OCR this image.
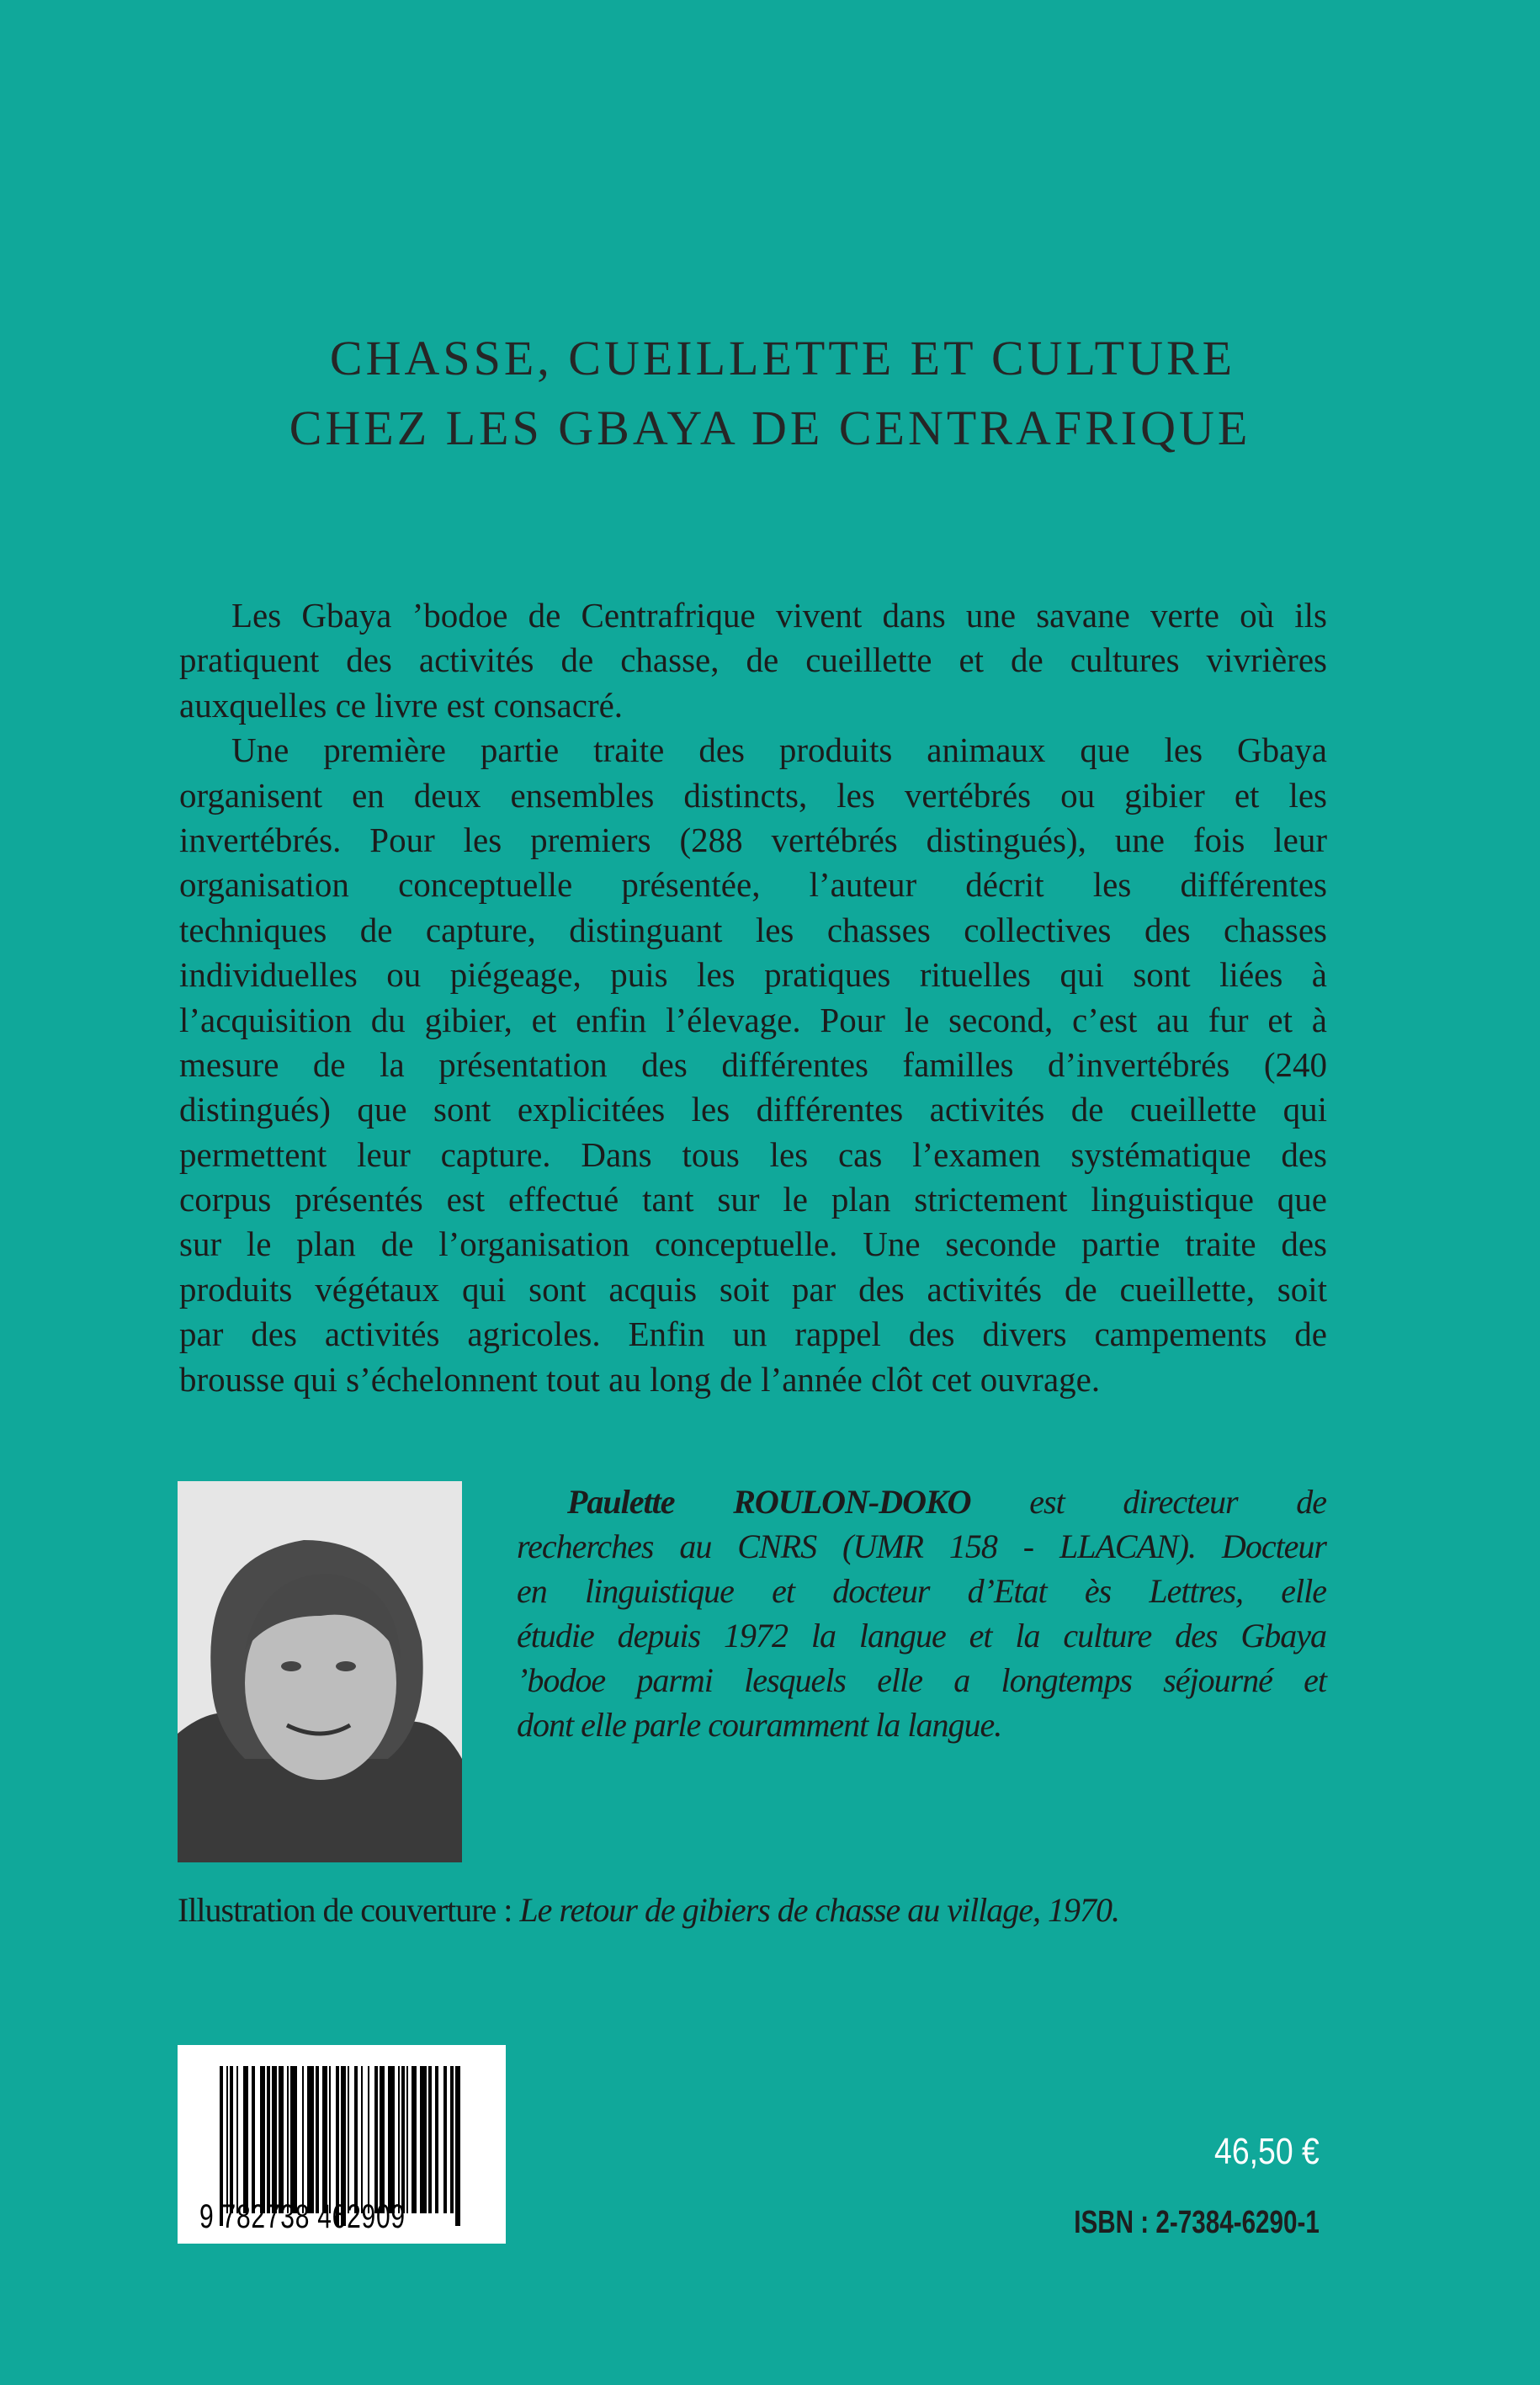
CHASSE, CUEILLETTE ET CULTURE
CHEZ LES GBAYA DE CENTRAFRIQUE
Les Gbaya ’bodoe de Centrafrique vivent dans une savane verte où ils
pratiquent des activités de chasse, de cueillette et de cultures vivrières
auxquelles ce livre est consacré.
Une première partie traite des produits animaux que les Gbaya
organisent en deux ensembles distincts, les vertébrés ou gibier et les
invertébrés. Pour les premiers (288 vertébrés distingués), une fois leur
organisation conceptuelle présentée, l’auteur décrit les différentes
techniques de capture, distinguant les chasses collectives des chasses
individuelles ou piégeage, puis les pratiques rituelles qui sont liées à
l’acquisition du gibier, et enfin l’élevage. Pour le second, c’est au fur et à
mesure de la présentation des différentes familles d’invertébrés (240
distingués) que sont explicitées les différentes activités de cueillette qui
permettent leur capture. Dans tous les cas l’examen systématique des
corpus présentés est effectué tant sur le plan strictement linguistique que
sur le plan de l’organisation conceptuelle. Une seconde partie traite des
produits végétaux qui sont acquis soit par des activités de cueillette, soit
par des activités agricoles. Enfin un rappel des divers campements de
brousse qui s’échelonnent tout au long de l’année clôt cet ouvrage.
Paulette ROULON-DOKO est directeur de
recherches au CNRS (UMR 158 - LLACAN). Docteur
en linguistique et docteur d’Etat ès Lettres, elle
étudie depuis 1972 la langue et la culture des Gbaya
’bodoe parmi lesquels elle a longtemps séjourné et
dont elle parle couramment la langue.
Illustration de couverture : Le retour de gibiers de chasse au village, 1970.
9 782738 462909
46,50 €
ISBN : 2-7384-6290-1
